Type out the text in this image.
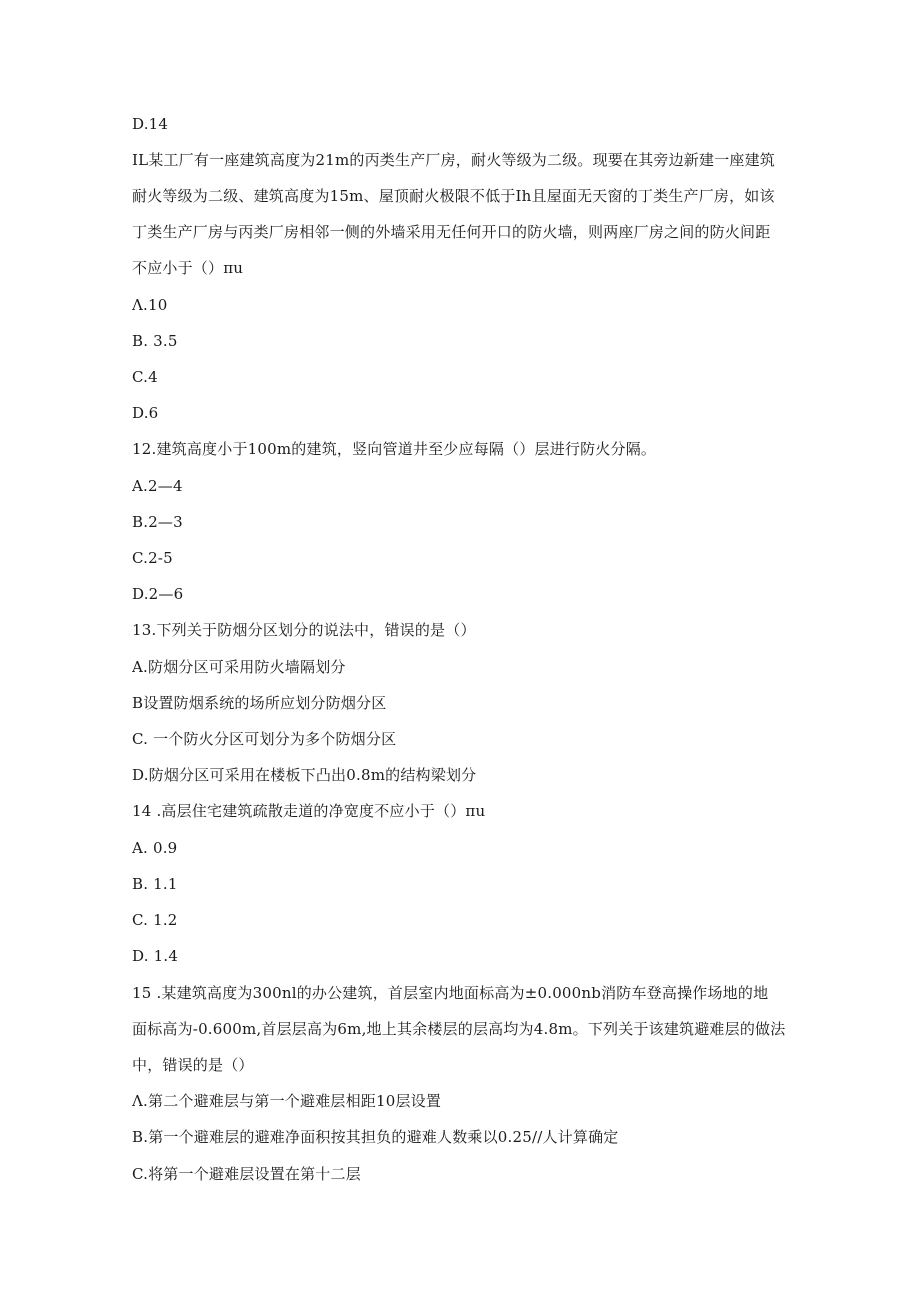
D.14
IL某工厂有一座建筑高度为21m的丙类生产厂房，耐火等级为二级。现要在其旁边新建一座建筑
耐火等级为二级、建筑高度为15m、屋顶耐火极限不低于Ih且屋面无天窗的丁类生产厂房，如该
丁类生产厂房与丙类厂房相邻一侧的外墙采用无任何开口的防火墙，则两座厂房之间的防火间距
不应小于（）πu
Λ.10
B. 3.5
C.4
D.6
12.建筑高度小于100m的建筑，竖向管道井至少应每隔（）层进行防火分隔。
A.2—4
B.2—3
C.2-5
D.2—6
13.下列关于防烟分区划分的说法中，错误的是（）
A.防烟分区可采用防火墙隔划分
B设置防烟系统的场所应划分防烟分区
C. 一个防火分区可划分为多个防烟分区
D.防烟分区可采用在楼板下凸出0.8m的结构梁划分
14 .高层住宅建筑疏散走道的净宽度不应小于（）πu
A. 0.9
B. 1.1
C. 1.2
D. 1.4
15 .某建筑高度为300nl的办公建筑，首层室内地面标高为±0.000nb消防车登高操作场地的地
面标高为-0.600m,首层层高为6m,地上其余楼层的层高均为4.8m。下列关于该建筑避难层的做法
中，错误的是（）
Λ.第二个避难层与第一个避难层相距10层设置
B.第一个避难层的避难净面积按其担负的避难人数乘以0.25//人计算确定
C.将第一个避难层设置在第十二层
